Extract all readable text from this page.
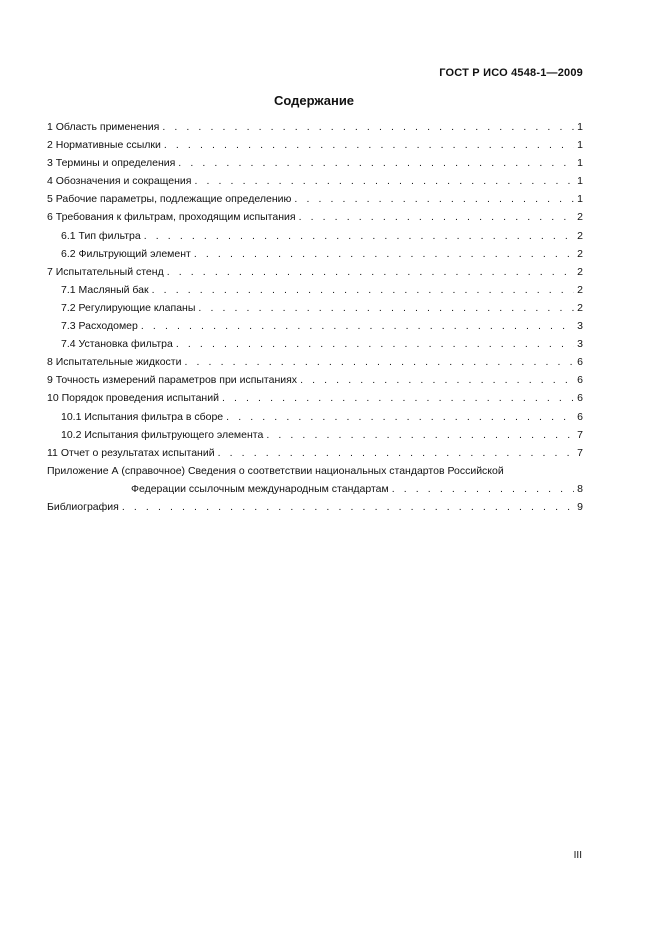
ГОСТ Р ИСО 4548-1—2009
Содержание
1 Область применения . . .	1
2 Нормативные ссылки . . .	1
3 Термины и определения . . .	1
4 Обозначения и сокращения . . .	1
5 Рабочие параметры, подлежащие определению . . .	1
6 Требования к фильтрам, проходящим испытания . . .	2
6.1 Тип фильтра . . .	2
6.2 Фильтрующий элемент . . .	2
7 Испытательный стенд . . .	2
7.1 Масляный бак . . .	2
7.2 Регулирующие клапаны . . .	2
7.3 Расходомер . . .	3
7.4 Установка фильтра . . .	3
8 Испытательные жидкости . . .	6
9 Точность измерений параметров при испытаниях . . .	6
10 Порядок проведения испытаний . . .	6
10.1 Испытания фильтра в сборе . . .	6
10.2 Испытания фильтрующего элемента . . .	7
11 Отчет о результатах испытаний . . .	7
Приложение А (справочное) Сведения о соответствии национальных стандартов Российской
Федерации ссылочным международным стандартам . . .	8
Библиография . . .	9
III
